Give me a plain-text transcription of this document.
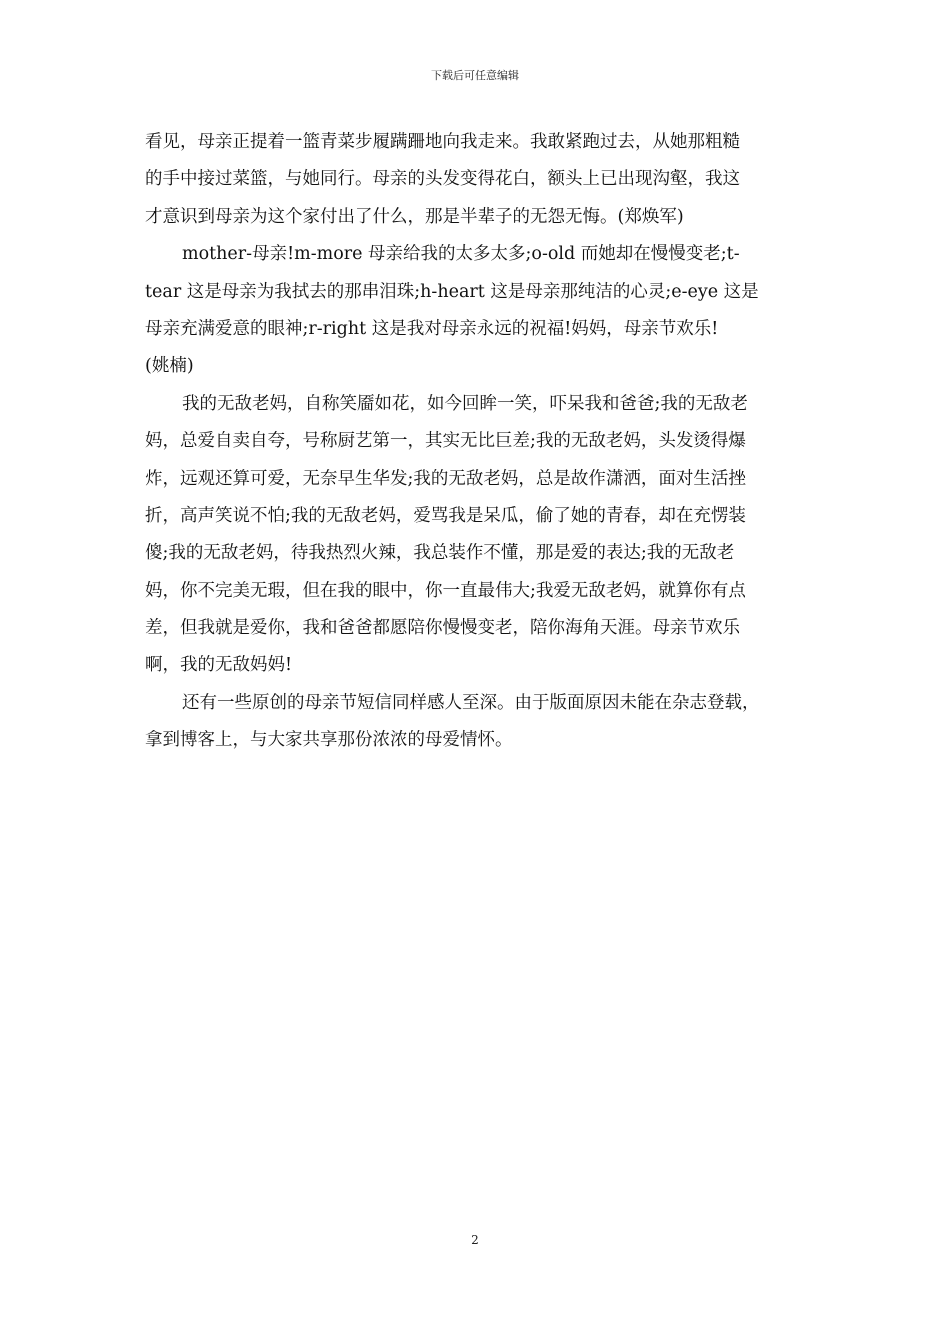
下载后可任意编辑
看见，母亲正提着一篮青菜步履蹒跚地向我走来。我敢紧跑过去，从她那粗糙
的手中接过菜篮，与她同行。母亲的头发变得花白，额头上已出现沟壑，我这
才意识到母亲为这个家付出了什么，那是半辈子的无怨无悔。(郑焕军)
mother-母亲!m-more 母亲给我的太多太多;o-old 而她却在慢慢变老;t-
tear 这是母亲为我拭去的那串泪珠;h-heart 这是母亲那纯洁的心灵;e-eye 这是
母亲充满爱意的眼神;r-right 这是我对母亲永远的祝福!妈妈，母亲节欢乐!
(姚楠)
我的无敌老妈，自称笑靥如花，如今回眸一笑，吓呆我和爸爸;我的无敌老
妈，总爱自卖自夸，号称厨艺第一，其实无比巨差;我的无敌老妈，头发烫得爆
炸，远观还算可爱，无奈早生华发;我的无敌老妈，总是故作潇洒，面对生活挫
折，高声笑说不怕;我的无敌老妈，爱骂我是呆瓜，偷了她的青春，却在充愣装
傻;我的无敌老妈，待我热烈火辣，我总装作不懂，那是爱的表达;我的无敌老
妈，你不完美无瑕，但在我的眼中，你一直最伟大;我爱无敌老妈，就算你有点
差，但我就是爱你，我和爸爸都愿陪你慢慢变老，陪你海角天涯。母亲节欢乐
啊，我的无敌妈妈!
还有一些原创的母亲节短信同样感人至深。由于版面原因未能在杂志登载，
拿到博客上，与大家共享那份浓浓的母爱情怀。
2
